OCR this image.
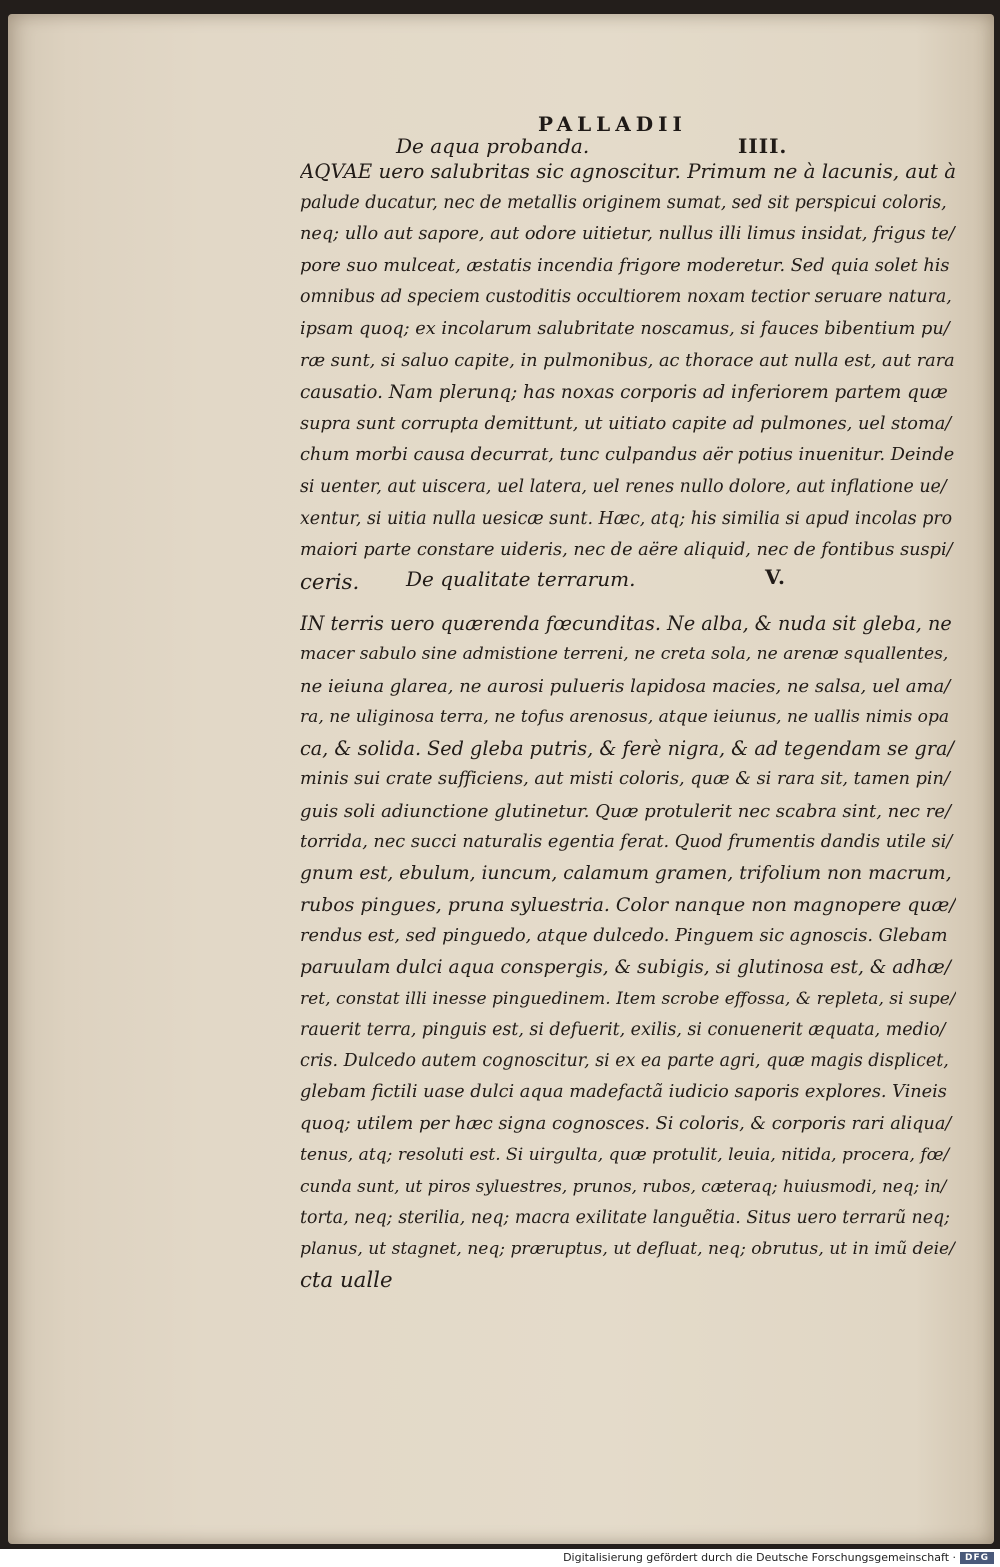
PALLADII

De aqua probanda.	IIII.
AQVAE uero salubritas sic agnoscitur. Primum ne à lacunis, aut à
palude ducatur, nec de metallis originem sumat, sed sit perspicui coloris,
neq; ullo aut sapore, aut odore uitietur, nullus illi limus insidat, frigus te/
pore suo mulceat, æstatis incendia frigore moderetur. Sed quia solet his
omnibus ad speciem custoditis occultiorem noxam tectior seruare natura,
ipsam quoq; ex incolarum salubritate noscamus, si fauces bibentium pu/
ræ sunt, si saluo capite, in pulmonibus, ac thorace aut nulla est, aut rara
causatio. Nam plerunq; has noxas corporis ad inferiorem partem quæ
supra sunt corrupta demittunt, ut uitiato capite ad pulmones, uel stoma/
chum morbi causa decurrat, tunc culpandus aër potius inuenitur. Deinde
si uenter, aut uiscera, uel latera, uel renes nullo dolore, aut inflatione ue/
xentur, si uitia nulla uesicæ sunt. Hæc, atq; his similia si apud incolas pro
maiori parte constare uideris, nec de aëre aliquid, nec de fontibus suspi/
ceris.	De qualitate terrarum.	V.
IN terris uero quærenda fœcunditas. Ne alba, & nuda sit gleba, ne
macer sabulo sine admistione terreni, ne creta sola, ne arenæ squallentes,
ne ieiuna glarea, ne aurosi pulueris lapidosa macies, ne salsa, uel ama/
ra, ne uliginosa terra, ne tofus arenosus, atque ieiunus, ne uallis nimis opa
ca, & solida. Sed gleba putris, & ferè nigra, & ad tegendam se gra/
minis sui crate sufficiens, aut misti coloris, quæ & si rara sit, tamen pin/
guis soli adiunctione glutinetur. Quæ protulerit nec scabra sint, nec re/
torrida, nec succi naturalis egentia ferat. Quod frumentis dandis utile si/
gnum est, ebulum, iuncum, calamum gramen, trifolium non macrum,
rubos pingues, pruna syluestria. Color nanque non magnopere quæ/
rendus est, sed pinguedo, atque dulcedo. Pinguem sic agnoscis. Glebam
paruulam dulci aqua conspergis, & subigis, si glutinosa est, & adhæ/
ret, constat illi inesse pinguedinem. Item scrobe effossa, & repleta, si supe/
rauerit terra, pinguis est, si defuerit, exilis, si conuenerit æquata, medio/
cris. Dulcedo autem cognoscitur, si ex ea parte agri, quæ magis displicet,
glebam fictili uase dulci aqua madefactã iudicio saporis explores. Vineis
quoq; utilem per hæc signa cognosces. Si coloris, & corporis rari aliqua/
tenus, atq; resoluti est. Si uirgulta, quæ protulit, leuia, nitida, procera, fœ/
cunda sunt, ut piros syluestres, prunos, rubos, cæteraq; huiusmodi, neq; in/
torta, neq; sterilia, neq; macra exilitate languẽtia. Situs uero terrarũ neq;
planus, ut stagnet, neq; præruptus, ut defluat, neq; obrutus, ut in imũ deie/
cta ualle
Digitalisierung gefördert durch die Deutsche Forschungsgemeinschaft · DFG
